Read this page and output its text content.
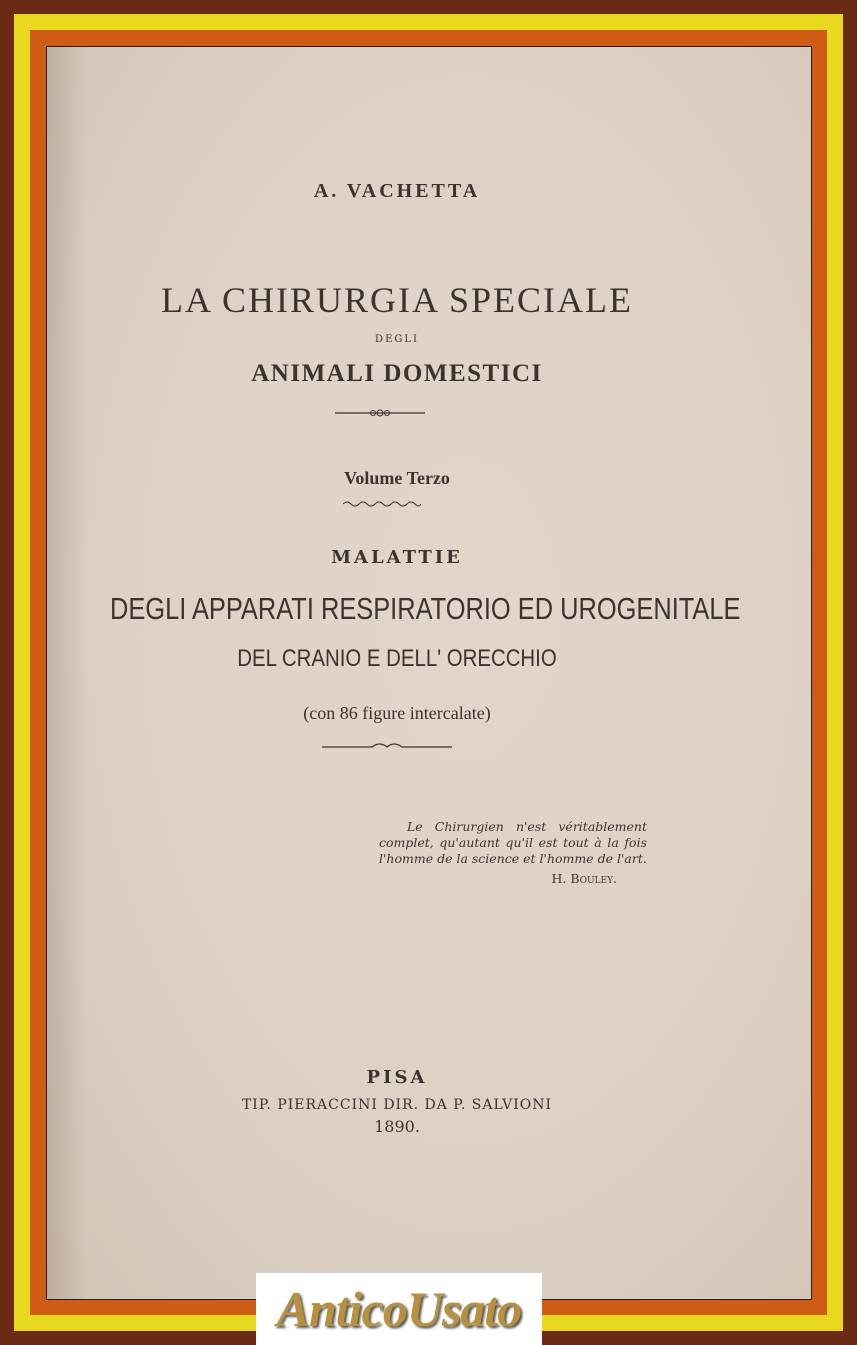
A. VACHETTA
LA CHIRURGIA SPECIALE
DEGLI
ANIMALI DOMESTICI
Volume Terzo
MALATTIE
DEGLI APPARATI RESPIRATORIO ED UROGENITALE
DEL CRANIO E DELL' ORECCHIO
(con 86 figure intercalate)
Le Chirurgien n'est véritablement complet, qu'autant qu'il est tout à la fois l'homme de la science et l'homme de l'art.
H. Bouley.
PISA
TIP. PIERACCINI DIR. DA P. SALVIONI
1890.
AnticoUsato
